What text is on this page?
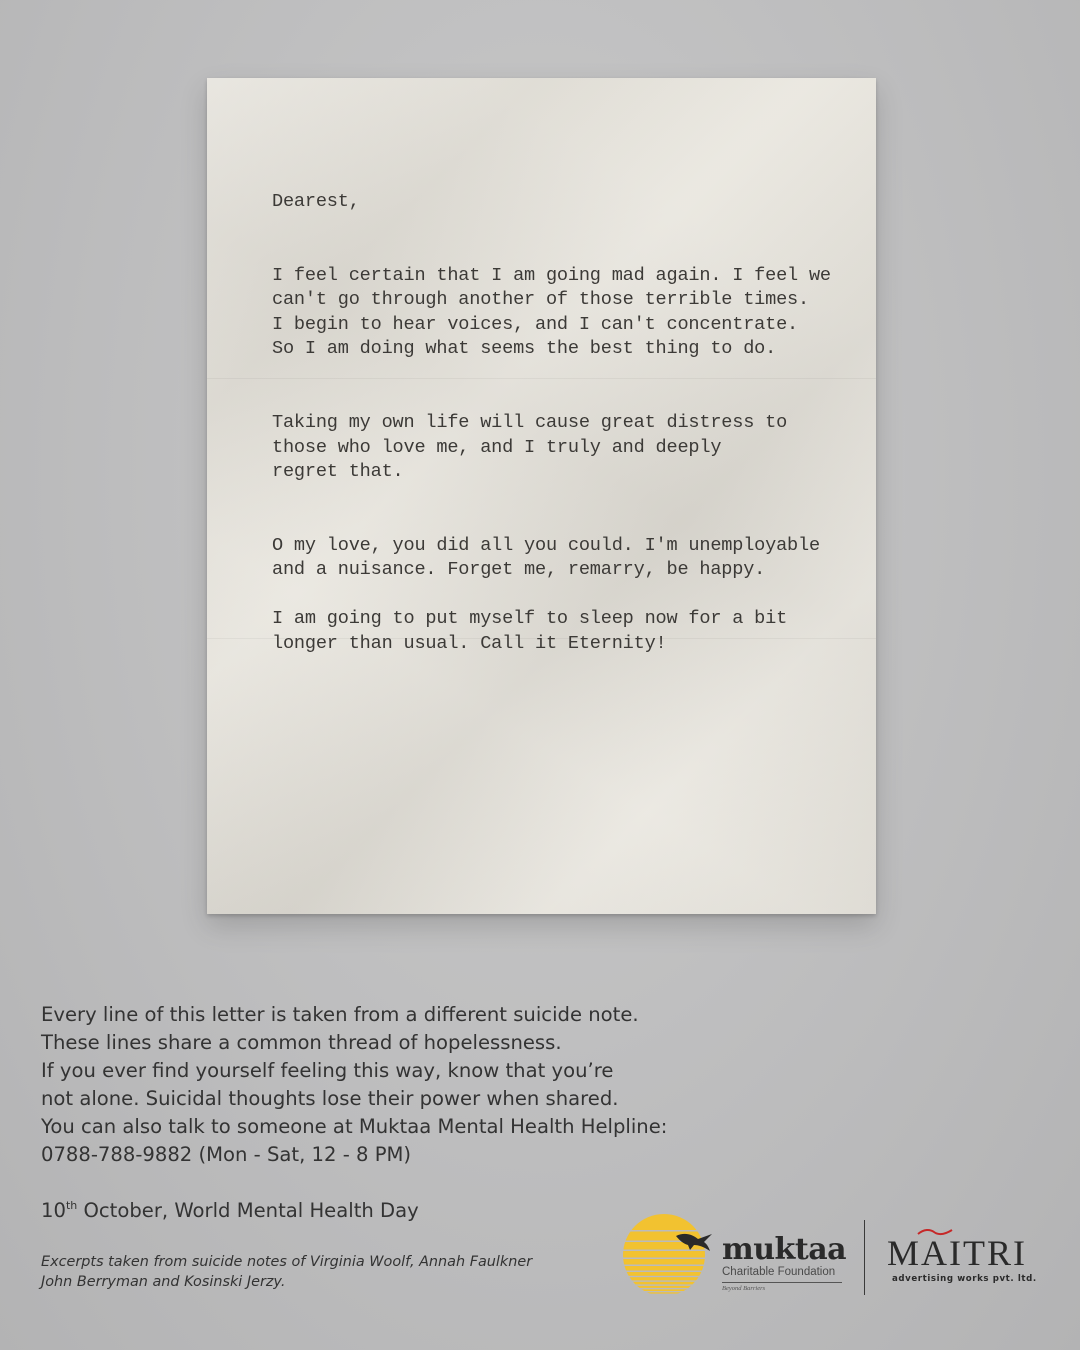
Dearest,

I feel certain that I am going mad again. I feel we
can't go through another of those terrible times.
I begin to hear voices, and I can't concentrate.
So I am doing what seems the best thing to do.

Taking my own life will cause great distress to
those who love me, and I truly and deeply
regret that.

O my love, you did all you could. I'm unemployable
and a nuisance. Forget me, remarry, be happy.

I am going to put myself to sleep now for a bit
longer than usual. Call it Eternity!

Every line of this letter is taken from a different suicide note.
These lines share a common thread of hopelessness.
If you ever find yourself feeling this way, know that you’re
not alone. Suicidal thoughts lose their power when shared.
You can also talk to someone at Muktaa Mental Health Helpline:
0788-788-9882 (Mon - Sat, 12 - 8 PM)
10th October, World Mental Health Day
Excerpts taken from suicide notes of Virginia Woolf, Annah Faulkner
John Berryman and Kosinski Jerzy.
muktaa
Charitable Foundation
Beyond Barriers
MAITRI
advertising works pvt. ltd.
